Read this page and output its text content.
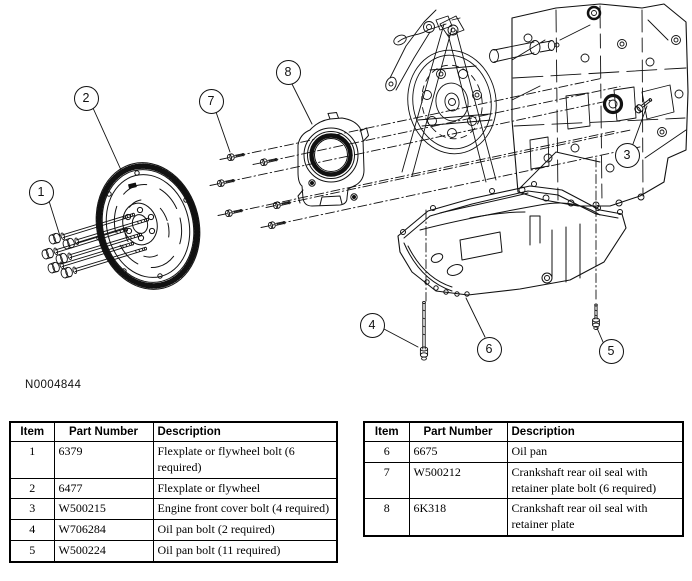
1
2
3
4
5
6
7
8
N0004844
Item	Part Number	Description
1	6379	Flexplate or flywheel bolt (6 required)
2	6477	Flexplate or flywheel
3	W500215	Engine front cover bolt (4 required)
4	W706284	Oil pan bolt (2 required)
5	W500224	Oil pan bolt (11 required)
Item	Part Number	Description
6	6675	Oil pan
7	W500212	Crankshaft rear oil seal with retainer plate bolt (6 required)
8	6K318	Crankshaft rear oil seal with retainer plate
